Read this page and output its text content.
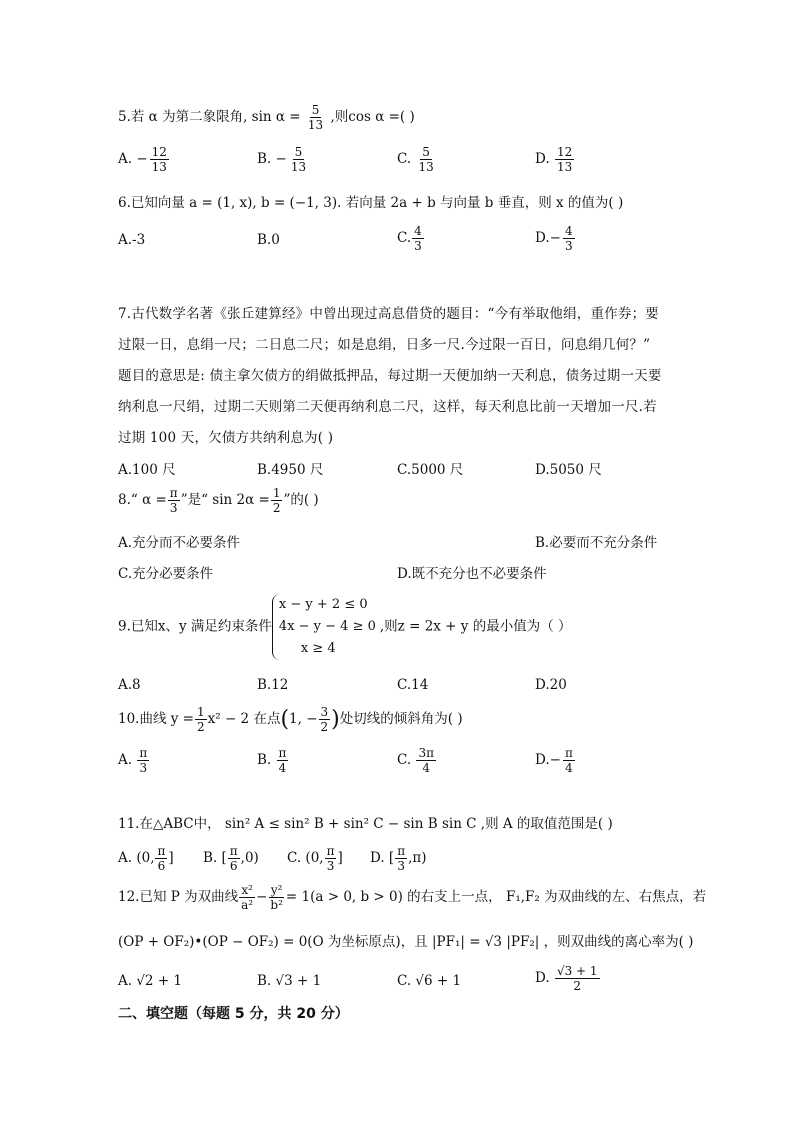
5.若 α 为第二象限角, $\sin \alpha = \frac{5}{13}$ ,则cos α =( )
A. − $\frac{12}{13}$	B. − $\frac{5}{13}$	C. $\frac{5}{13}$	D. $\frac{12}{13}$
6.已知向量 a = (1, x), b = (−1, 3). 若向量 2a + b 与向量 b 垂直，则 x 的值为( )
A.-3	B.0	C. $\frac{4}{3}$	$D.- \frac{4}{3}$
7.古代数学名著《张丘建算经》中曾出现过高息借贷的题目：“今有举取他绢，重作券；要
过限一日，息绢一尺；二日息二尺；如是息绢，日多一尺.今过限一百日，问息绢几何？”
题目的意思是: 债主拿欠债方的绢做抵押品，每过期一天便加纳一天利息，债务过期一天要
纳利息一尺绢，过期二天则第二天便再纳利息二尺，这样，每天利息比前一天增加一尺.若
过期 100 天，欠债方共纳利息为( )
A.100 尺	B.4950 尺	C.5000 尺	D.5050 尺
8.“ $\alpha = \frac{\pi}{3}$ ”是“ $\sin 2\alpha = \frac{1}{2}$ ”的( )
A.充分而不必要条件	B.必要而不充分条件
C.充分必要条件	D.既不充分也不必要条件
9.已知x、y 满足约束条件
x − y + 2 ≤ 0
4x − y − 4 ≥ 0
x ≥ 4
,则z = 2x + y 的最小值为（ ）
A.8	B.12	C.14	D.20
10.曲线 $y = \frac{1}{2} x^2 - 2$ 在点(1, − $\frac{3}{2}$ )处切线的倾斜角为( )
A. $\frac{\pi}{3}$	B. $\frac{\pi}{4}$	C. $\frac{3\pi}{4}$	$D.- \frac{\pi}{4}$
11.在△ABC中， sin² A ≤ sin² B + sin² C − sin B sin C ,则 A 的取值范围是( )
A. (0, $\frac{\pi}{6}$ ] B. [ $\frac{\pi}{6} ,0$) C. (0, $\frac{\pi}{3}$ ] D. [ $\frac{\pi}{3} ,\pi$)
12.已知 P 为双曲线 $\frac{\text{x²}}{\text{a²}} - \frac{\text{y²}}{\text{b²}} = 1(a > 0$, b > 0) 的右支上一点， F₁,F₂ 为双曲线的左、右焦点，若
(OP + OF₂)•(OP − OF₂) = 0(O 为坐标原点)，且 |PF₁| = √3 |PF₂| ，则双曲线的离心率为( )
A. √2 + 1	B. √3 + 1	C. √6 + 1	D. $\frac{√3 + 1}{2}$
二、填空题（每题 5 分，共 20 分）
